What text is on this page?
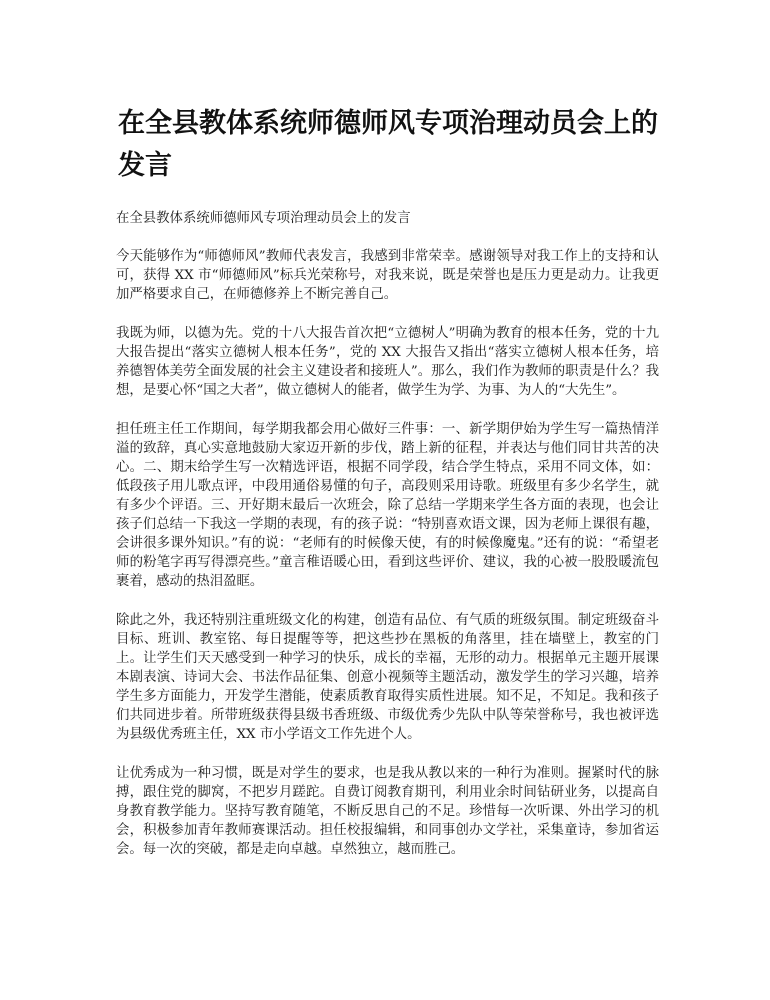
在全县教体系统师德师风专项治理动员会上的发言

在全县教体系统师德师风专项治理动员会上的发言

今天能够作为“师德师风”教师代表发言，我感到非常荣幸。感谢领导对我工作上的支持和认可，获得 XX 市“师德师风”标兵光荣称号，对我来说，既是荣誉也是压力更是动力。让我更加严格要求自己，在师德修养上不断完善自己。

我既为师，以德为先。党的十八大报告首次把“立德树人”明确为教育的根本任务，党的十九大报告提出“落实立德树人根本任务”，党的 XX 大报告又指出“落实立德树人根本任务，培养德智体美劳全面发展的社会主义建设者和接班人”。那么，我们作为教师的职责是什么？我想，是要心怀“国之大者”，做立德树人的能者，做学生为学、为事、为人的“大先生”。

担任班主任工作期间，每学期我都会用心做好三件事：一、新学期伊始为学生写一篇热情洋溢的致辞，真心实意地鼓励大家迈开新的步伐，踏上新的征程，并表达与他们同甘共苦的决心。二、期末给学生写一次精选评语，根据不同学段，结合学生特点，采用不同文体，如：低段孩子用儿歌点评，中段用通俗易懂的句子，高段则采用诗歌。班级里有多少名学生，就有多少个评语。三、开好期末最后一次班会，除了总结一学期来学生各方面的表现，也会让孩子们总结一下我这一学期的表现，有的孩子说：“特别喜欢语文课，因为老师上课很有趣，会讲很多课外知识。”有的说：“老师有的时候像天使，有的时候像魔鬼。”还有的说：“希望老师的粉笔字再写得漂亮些。”童言稚语暖心田，看到这些评价、建议，我的心被一股股暖流包裹着，感动的热泪盈眶。

除此之外，我还特别注重班级文化的构建，创造有品位、有气质的班级氛围。制定班级奋斗目标、班训、教室铭、每日提醒等等，把这些抄在黑板的角落里，挂在墙壁上，教室的门上。让学生们天天感受到一种学习的快乐，成长的幸福，无形的动力。根据单元主题开展课本剧表演、诗词大会、书法作品征集、创意小视频等主题活动，激发学生的学习兴趣，培养学生多方面能力，开发学生潜能，使素质教育取得实质性进展。知不足，不知足。我和孩子们共同进步着。所带班级获得县级书香班级、市级优秀少先队中队等荣誉称号，我也被评选为县级优秀班主任，XX 市小学语文工作先进个人。

让优秀成为一种习惯，既是对学生的要求，也是我从教以来的一种行为准则。握紧时代的脉搏，跟住党的脚窝，不把岁月蹉跎。自费订阅教育期刊，利用业余时间钻研业务，以提高自身教育教学能力。坚持写教育随笔，不断反思自己的不足。珍惜每一次听课、外出学习的机会，积极参加青年教师赛课活动。担任校报编辑，和同事创办文学社，采集童诗，参加省运会。每一次的突破，都是走向卓越。卓然独立，越而胜己。
